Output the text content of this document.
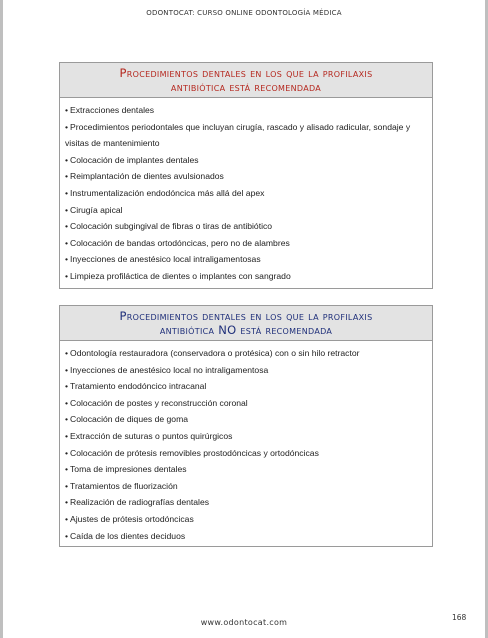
ODONTOCAT: CURSO ONLINE ODONTOLOGÍA MÉDICA
Procedimientos dentales en los que la profilaxis
antibiótica está recomendada
• Extracciones dentales
• Procedimientos periodontales que incluyan cirugía, rascado y alisado radicular, sondaje y visitas de mantenimiento
• Colocación de implantes dentales
• Reimplantación de dientes avulsionados
• Instrumentalización endodóncica más allá del apex
• Cirugía apical
• Colocación subgingival de fibras o tiras de antibiótico
• Colocación de bandas ortodóncicas, pero no de alambres
• Inyecciones de anestésico local intraligamentosas
• Limpieza profiláctica de dientes o implantes con sangrado
Procedimientos dentales en los que la profilaxis
antibiótica NO está recomendada
• Odontología restauradora (conservadora o protésica) con o sin hilo retractor
• Inyecciones de anestésico local no intraligamentosa
• Tratamiento endodóncico intracanal
• Colocación de postes y reconstrucción coronal
• Colocación de diques de goma
• Extracción de suturas o puntos quirúrgicos
• Colocación de prótesis removibles prostodóncicas y ortodóncicas
• Toma de impresiones dentales
• Tratamientos de fluorización
• Realización de radiografías dentales
• Ajustes de prótesis ortodóncicas
• Caída de los dientes deciduos
www.odontocat.com
168
